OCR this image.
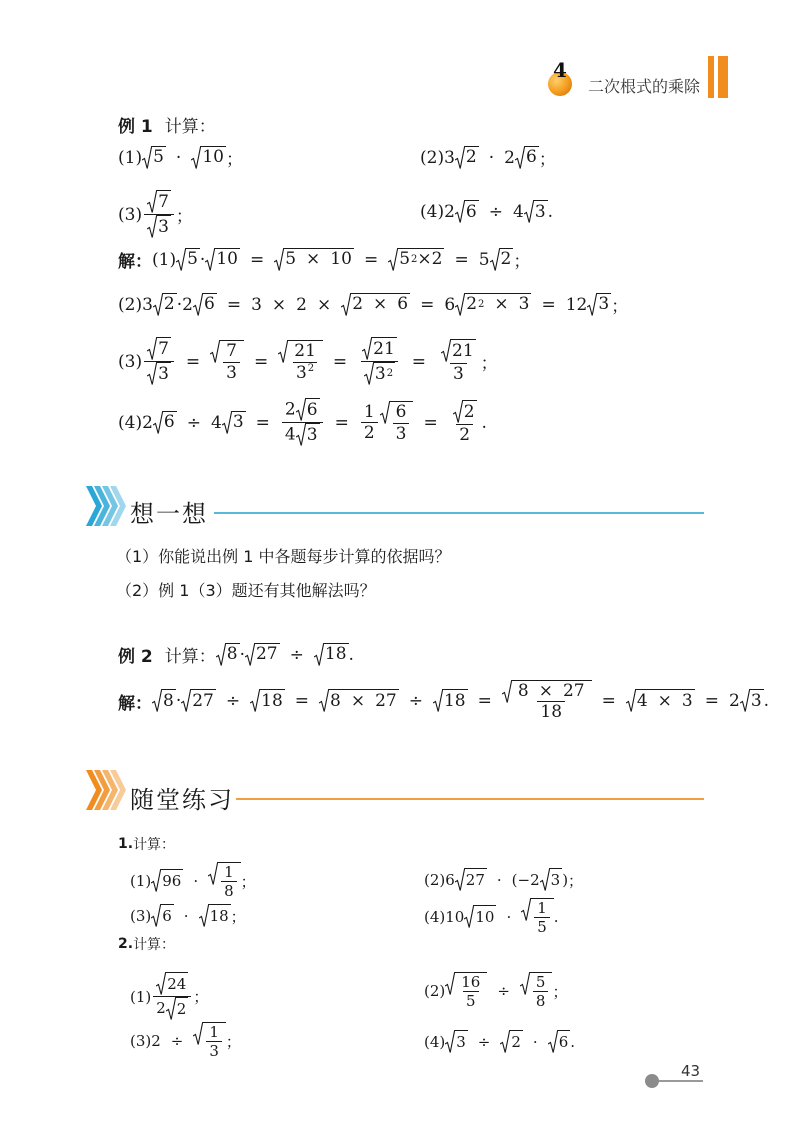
4
二次根式的乘除
例 1 计算：
(1) 5 · 10 ；	(2) 3 2 · 2 6 ；
$(3) \frac{7}{3}$ ；	(4) 2 6 ÷ 4 3 .
解： (1) 5 · 10 = 5 × 10 = 5 2 ×2 = 5 2 ；
(2) 3 2 ·2 6 = 3 × 2 × 2 × 6 = 6 2 2 × 3 = 12 3 ；
$(3) \frac{7}{3} = \frac{7}{3} = \frac{21}{3^2} = \frac{21}{3 2} = \frac{21}{3}$ ；
(4) 2 6 ÷ 4 $3 = \frac{2 6}{4 3} = \frac{1}{2} \frac{6}{3} = \frac{2}{2}$ .
想一想
（1）你能说出例 1 中各题每步计算的依据吗？
（2）例 1（3）题还有其他解法吗？
例 2 计算： 8 · 27 ÷ 18 .
解： $8 \cdot 27 \div 18 = 8 \times 27 \div 18 = \frac{8 \times 27}{18} = 4 \times 3 = 2$ 3 .
随堂练习
1. 计算：
(1) $96 \cdot \frac{1}{8}$ ；	(2) 6 27 · (−2 3 ) ；
(3) 6 · 18 ；	(4) 10 $10 \cdot \frac{1}{5}$ .
2. 计算：
$(1) \frac{24}{2 2}$ ；	$(2) \frac{16}{5} \div \frac{5}{8}$ ；
(3) $2 \div \frac{1}{3}$ ；	(4) 3 ÷ 2 · 6 .
43
